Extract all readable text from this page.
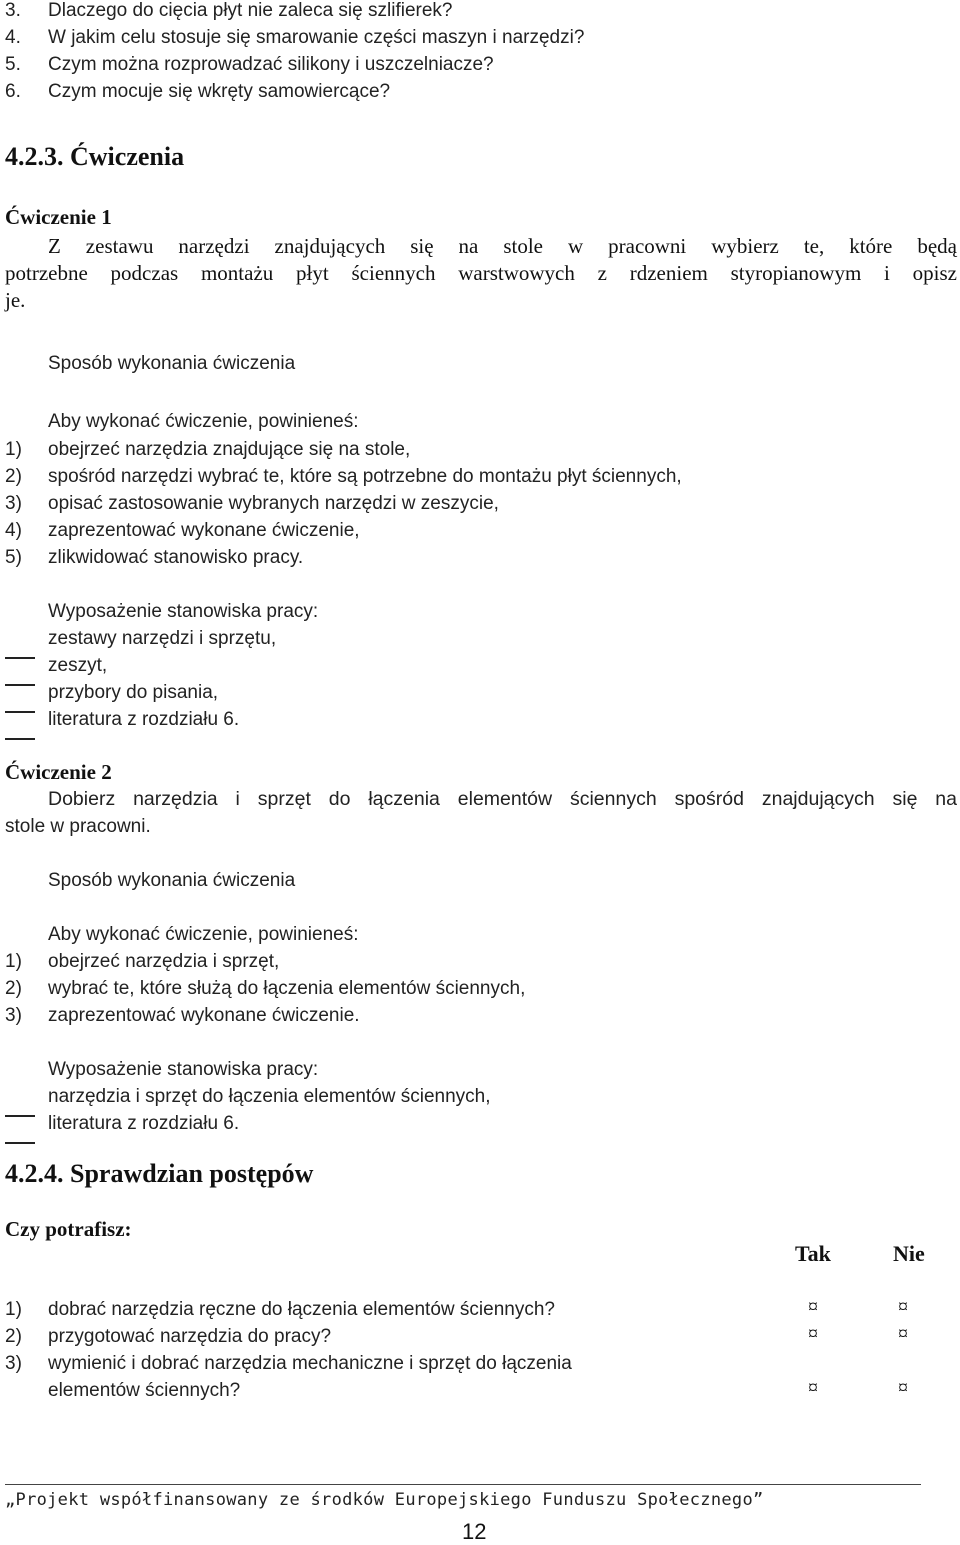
3. Dlaczego do cięcia płyt nie zaleca się szlifierek?
4. W jakim celu stosuje się smarowanie części maszyn i narzędzi?
5. Czym można rozprowadzać silikony i uszczelniacze?
6. Czym mocuje się wkręty samowiercące?
4.2.3. Ćwiczenia
Ćwiczenie 1
Z zestawu narzędzi znajdujących się na stole w pracowni wybierz te, które będą
potrzebne podczas montażu płyt ściennych warstwowych z rdzeniem styropianowym i opisz
je.
Sposób wykonania ćwiczenia
Aby wykonać ćwiczenie, powinieneś:
1) obejrzeć narzędzia znajdujące się na stole,
2) spośród narzędzi wybrać te, które są potrzebne do montażu płyt ściennych,
3) opisać zastosowanie wybranych narzędzi w zeszycie,
4) zaprezentować wykonane ćwiczenie,
5) zlikwidować stanowisko pracy.
Wyposażenie stanowiska pracy:
zestawy narzędzi i sprzętu,
zeszyt,
przybory do pisania,
literatura z rozdziału 6.
Ćwiczenie 2
Dobierz narzędzia i sprzęt do łączenia elementów ściennych spośród znajdujących się na
stole w pracowni.
Sposób wykonania ćwiczenia
Aby wykonać ćwiczenie, powinieneś:
1) obejrzeć narzędzia i sprzęt,
2) wybrać te, które służą do łączenia elementów ściennych,
3) zaprezentować wykonane ćwiczenie.
Wyposażenie stanowiska pracy:
narzędzia i sprzęt do łączenia elementów ściennych,
literatura z rozdziału 6.
4.2.4. Sprawdzian postępów
Czy potrafisz:
Tak	Nie
1) dobrać narzędzia ręczne do łączenia elementów ściennych?	¤	¤
2) przygotować narzędzia do pracy?	¤	¤
3) wymienić i dobrać narzędzia mechaniczne i sprzęt do łączenia
elementów ściennych?	¤	¤
„Projekt współfinansowany ze środków Europejskiego Funduszu Społecznego”
12
